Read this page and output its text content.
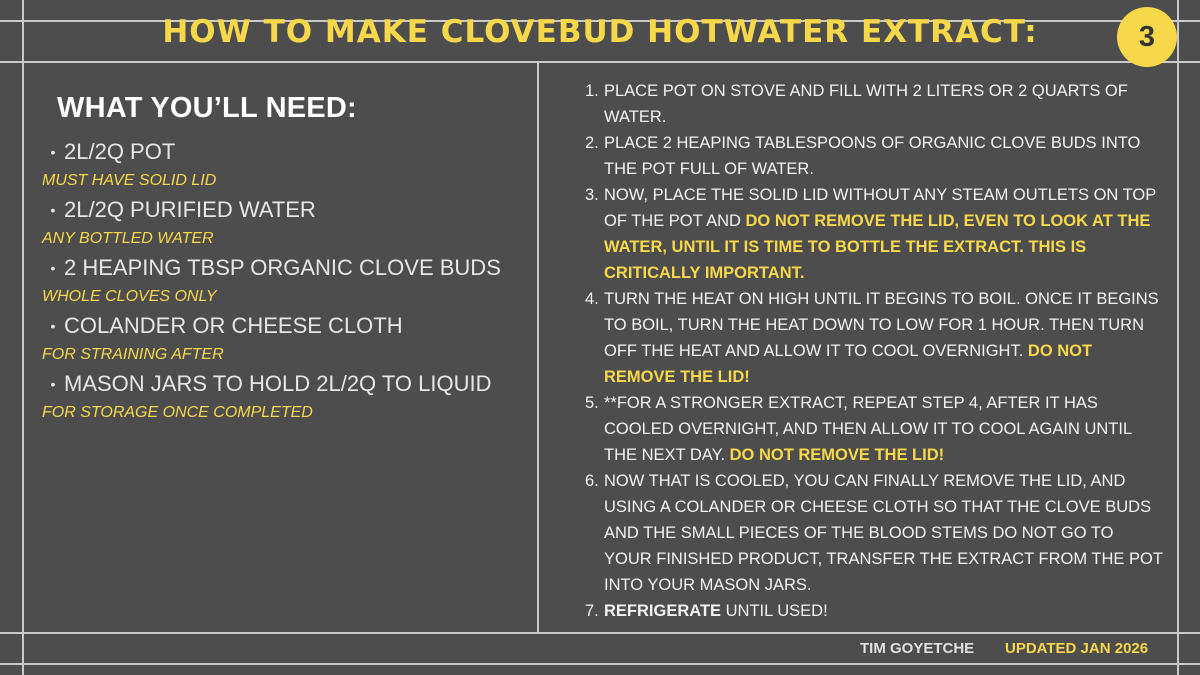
HOW TO MAKE CLOVEBUD HOTWATER EXTRACT:	3
WHAT YOU’LL NEED:
• 2L/2Q POT
MUST HAVE SOLID LID
• 2L/2Q PURIFIED WATER
ANY BOTTLED WATER
• 2 HEAPING TBSP ORGANIC CLOVE BUDS
WHOLE CLOVES ONLY
• COLANDER OR CHEESE CLOTH
FOR STRAINING AFTER
• MASON JARS TO HOLD 2L/2Q TO LIQUID
FOR STORAGE ONCE COMPLETED
1. PLACE POT ON STOVE AND FILL WITH 2 LITERS OR 2 QUARTS OF WATER.
2. PLACE 2 HEAPING TABLESPOONS OF ORGANIC CLOVE BUDS INTO THE POT FULL OF WATER.
3. NOW, PLACE THE SOLID LID WITHOUT ANY STEAM OUTLETS ON TOP OF THE POT AND DO NOT REMOVE THE LID, EVEN TO LOOK AT THE WATER, UNTIL IT IS TIME TO BOTTLE THE EXTRACT. THIS IS CRITICALLY IMPORTANT.
4. TURN THE HEAT ON HIGH UNTIL IT BEGINS TO BOIL. ONCE IT BEGINS TO BOIL, TURN THE HEAT DOWN TO LOW FOR 1 HOUR. THEN TURN OFF THE HEAT AND ALLOW IT TO COOL OVERNIGHT. DO NOT REMOVE THE LID!
5. **FOR A STRONGER EXTRACT, REPEAT STEP 4, AFTER IT HAS COOLED OVERNIGHT, AND THEN ALLOW IT TO COOL AGAIN UNTIL THE NEXT DAY. DO NOT REMOVE THE LID!
6. NOW THAT IS COOLED, YOU CAN FINALLY REMOVE THE LID, AND USING A COLANDER OR CHEESE CLOTH SO THAT THE CLOVE BUDS AND THE SMALL PIECES OF THE BLOOD STEMS DO NOT GO TO YOUR FINISHED PRODUCT, TRANSFER THE EXTRACT FROM THE POT INTO YOUR MASON JARS.
7. REFRIGERATE UNTIL USED!
TIM GOYETCHE UPDATED JAN 2026
